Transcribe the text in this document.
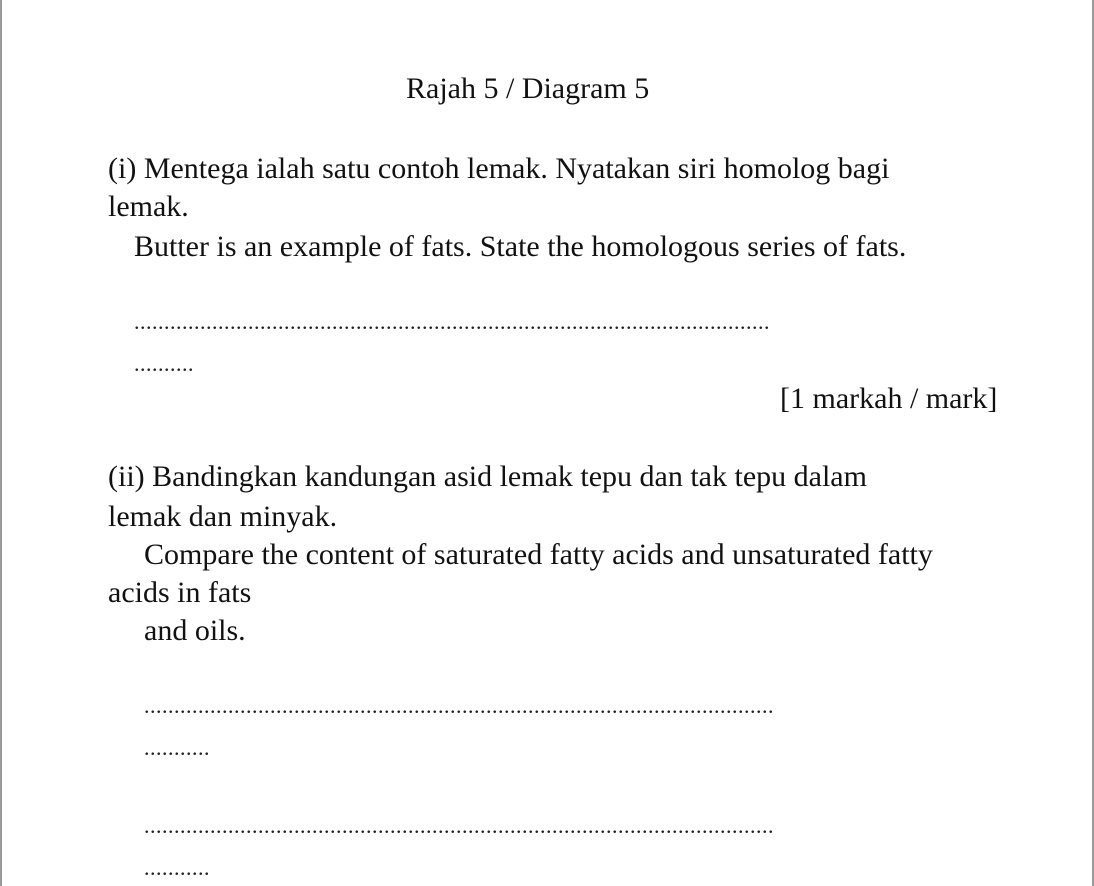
Rajah 5 / Diagram 5
(i) Mentega ialah satu contoh lemak. Nyatakan siri homolog bagi
lemak.
Butter is an example of fats. State the homologous series of fats.
..........................................................................................................
..........
[1 markah / mark]
(ii) Bandingkan kandungan asid lemak tepu dan tak tepu dalam
lemak dan minyak.
Compare the content of saturated fatty acids and unsaturated fatty
acids in fats
and oils.
.........................................................................................................
...........
.........................................................................................................
...........
